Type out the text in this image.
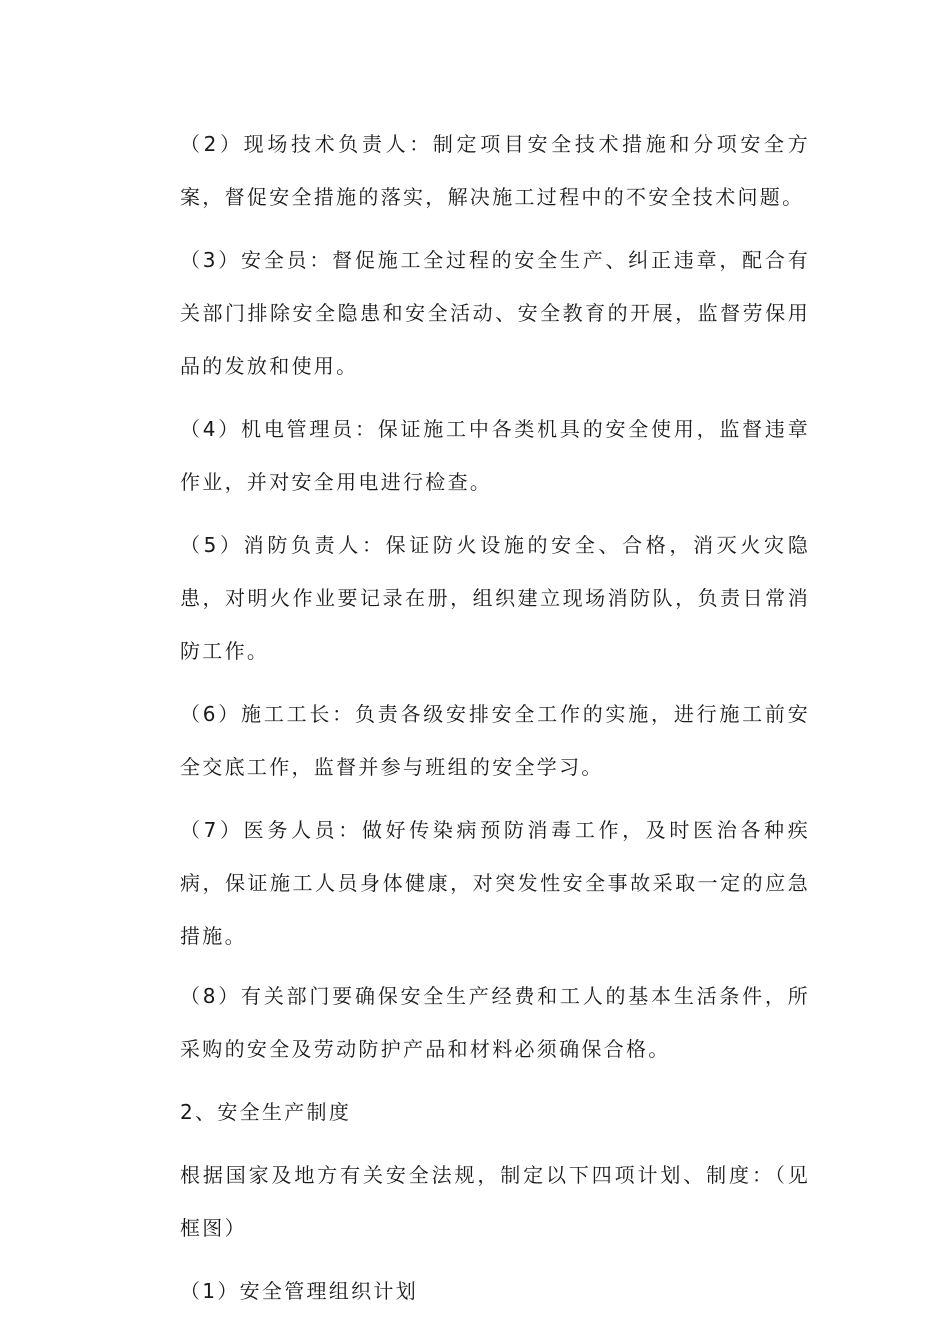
（2）现场技术负责人：制定项目安全技术措施和分项安全方案，督促安全措施的落实，解决施工过程中的不安全技术问题。

（3）安全员：督促施工全过程的安全生产、纠正违章，配合有关部门排除安全隐患和安全活动、安全教育的开展，监督劳保用品的发放和使用。

（4）机电管理员：保证施工中各类机具的安全使用，监督违章作业，并对安全用电进行检查。

（5）消防负责人：保证防火设施的安全、合格，消灭火灾隐患，对明火作业要记录在册，组织建立现场消防队，负责日常消防工作。

（6）施工工长：负责各级安排安全工作的实施，进行施工前安全交底工作，监督并参与班组的安全学习。

（7）医务人员：做好传染病预防消毒工作，及时医治各种疾病，保证施工人员身体健康，对突发性安全事故采取一定的应急措施。

（8）有关部门要确保安全生产经费和工人的基本生活条件，所采购的安全及劳动防护产品和材料必须确保合格。

2、安全生产制度

根据国家及地方有关安全法规，制定以下四项计划、制度：（见框图）

（1）安全管理组织计划
